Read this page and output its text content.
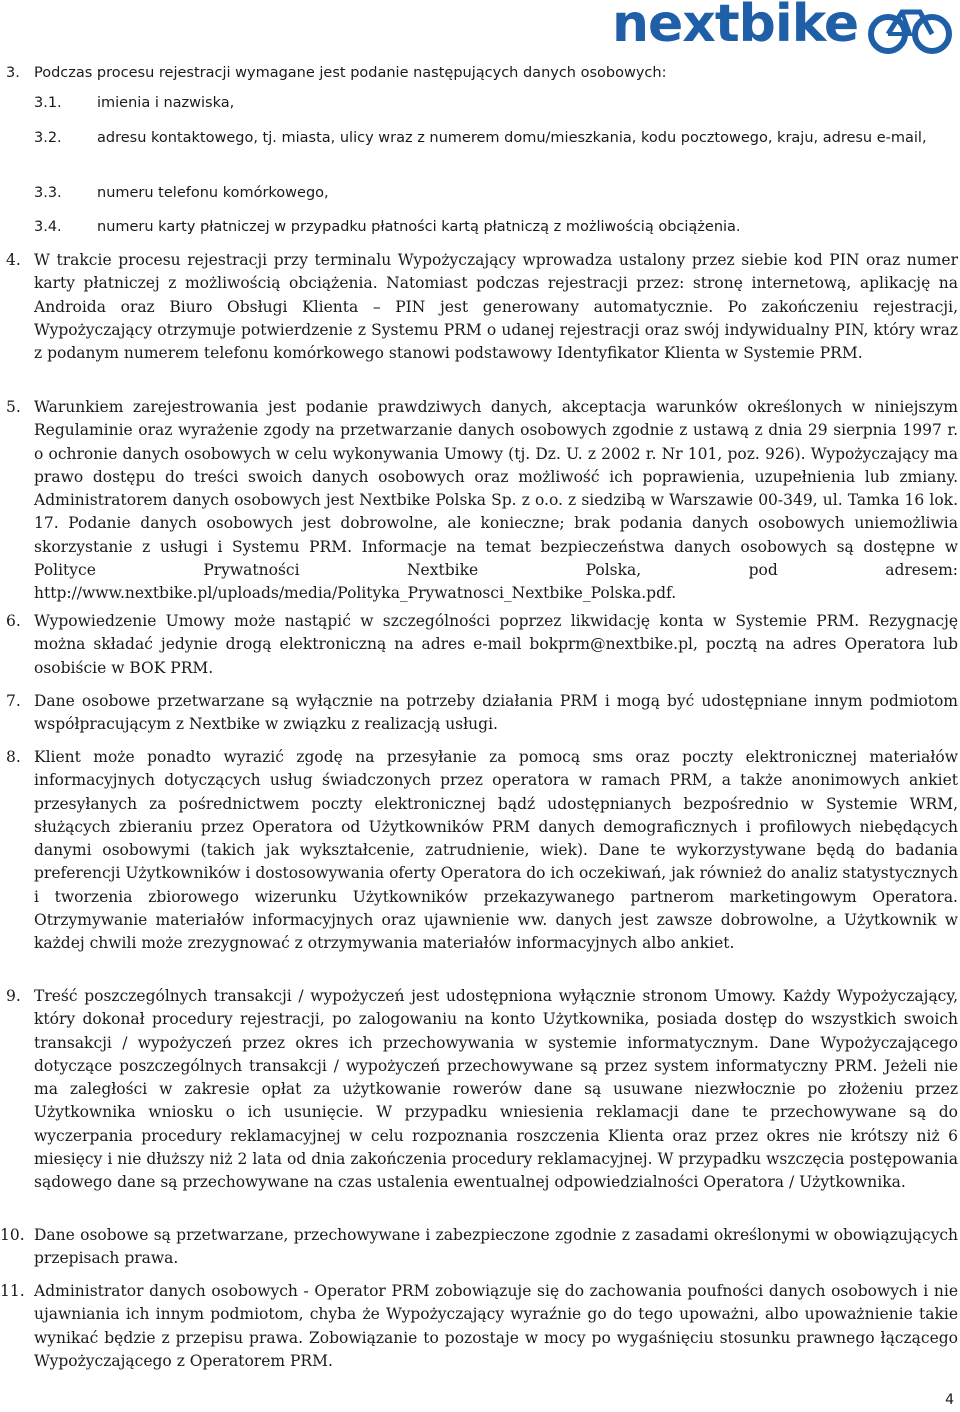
nextbike
3. Podczas procesu rejestracji wymagane jest podanie następujących danych osobowych:
3.1. imienia i nazwiska,
3.2.	adresu kontaktowego, tj. miasta, ulicy wraz z numerem domu/mieszkania, kodu pocztowego, kraju, adresu e-mail,
3.3. numeru telefonu komórkowego,
3.4. numeru karty płatniczej w przypadku płatności kartą płatniczą z możliwością obciążenia.
4. W trakcie procesu rejestracji przy terminalu Wypożyczający wprowadza ustalony przez siebie kod PIN oraz numer karty płatniczej z możliwością obciążenia. Natomiast podczas rejestracji przez: stronę internetową, aplikację na Androida oraz Biuro Obsługi Klienta – PIN jest generowany automatycznie. Po zakończeniu rejestracji, Wypożyczający otrzymuje potwierdzenie z Systemu PRM o udanej rejestracji oraz swój indywidualny PIN, który wraz z podanym numerem telefonu komórkowego stanowi podstawowy Identyfikator Klienta w Systemie PRM.
5. Warunkiem zarejestrowania jest podanie prawdziwych danych, akceptacja warunków określonych w niniejszym Regulaminie oraz wyrażenie zgody na przetwarzanie danych osobowych zgodnie z ustawą z dnia 29 sierpnia 1997 r. o ochronie danych osobowych w celu wykonywania Umowy (tj. Dz. U. z 2002 r. Nr 101, poz. 926). Wypożyczający ma prawo dostępu do treści swoich danych osobowych oraz możliwość ich poprawienia, uzupełnienia lub zmiany. Administratorem danych osobowych jest Nextbike Polska Sp. z o.o. z siedzibą w Warszawie 00-349, ul. Tamka 16 lok. 17. Podanie danych osobowych jest dobrowolne, ale konieczne; brak podania danych osobowych uniemożliwia skorzystanie z usługi i Systemu PRM. Informacje na temat bezpieczeństwa danych osobowych są dostępne w Polityce Prywatności Nextbike Polska, pod adresem: http://www.nextbike.pl/uploads/media/Polityka_Prywatnosci_Nextbike_Polska.pdf.
6. Wypowiedzenie Umowy może nastąpić w szczególności poprzez likwidację konta w Systemie PRM. Rezygnację można składać jedynie drogą elektroniczną na adres e-mail bokprm@nextbike.pl, pocztą na adres Operatora lub osobiście w BOK PRM.
7. Dane osobowe przetwarzane są wyłącznie na potrzeby działania PRM i mogą być udostępniane innym podmiotom współpracującym z Nextbike w związku z realizacją usługi.
8. Klient może ponadto wyrazić zgodę na przesyłanie za pomocą sms oraz poczty elektronicznej materiałów informacyjnych dotyczących usług świadczonych przez operatora w ramach PRM, a także anonimowych ankiet przesyłanych za pośrednictwem poczty elektronicznej bądź udostępnianych bezpośrednio w Systemie WRM, służących zbieraniu przez Operatora od Użytkowników PRM danych demograficznych i profilowych niebędących danymi osobowymi (takich jak wykształcenie, zatrudnienie, wiek). Dane te wykorzystywane będą do badania preferencji Użytkowników i dostosowywania oferty Operatora do ich oczekiwań, jak również do analiz statystycznych i tworzenia zbiorowego wizerunku Użytkowników przekazywanego partnerom marketingowym Operatora. Otrzymywanie materiałów informacyjnych oraz ujawnienie ww. danych jest zawsze dobrowolne, a Użytkownik w każdej chwili może zrezygnować z otrzymywania materiałów informacyjnych albo ankiet.
9. Treść poszczególnych transakcji / wypożyczeń jest udostępniona wyłącznie stronom Umowy. Każdy Wypożyczający, który dokonał procedury rejestracji, po zalogowaniu na konto Użytkownika, posiada dostęp do wszystkich swoich transakcji / wypożyczeń przez okres ich przechowywania w systemie informatycznym. Dane Wypożyczającego dotyczące poszczególnych transakcji / wypożyczeń przechowywane są przez system informatyczny PRM. Jeżeli nie ma zaległości w zakresie opłat za użytkowanie rowerów dane są usuwane niezwłocznie po złożeniu przez Użytkownika wniosku o ich usunięcie. W przypadku wniesienia reklamacji dane te przechowywane są do wyczerpania procedury reklamacyjnej w celu rozpoznania roszczenia Klienta oraz przez okres nie krótszy niż 6 miesięcy i nie dłuższy niż 2 lata od dnia zakończenia procedury reklamacyjnej. W przypadku wszczęcia postępowania sądowego dane są przechowywane na czas ustalenia ewentualnej odpowiedzialności Operatora / Użytkownika.
10. Dane osobowe są przetwarzane, przechowywane i zabezpieczone zgodnie z zasadami określonymi w obowiązujących przepisach prawa.
11. Administrator danych osobowych - Operator PRM zobowiązuje się do zachowania poufności danych osobowych i nie ujawniania ich innym podmiotom, chyba że Wypożyczający wyraźnie go do tego upoważni, albo upoważnienie takie wynikać będzie z przepisu prawa. Zobowiązanie to pozostaje w mocy po wygaśnięciu stosunku prawnego łączącego Wypożyczającego z Operatorem PRM.
4
